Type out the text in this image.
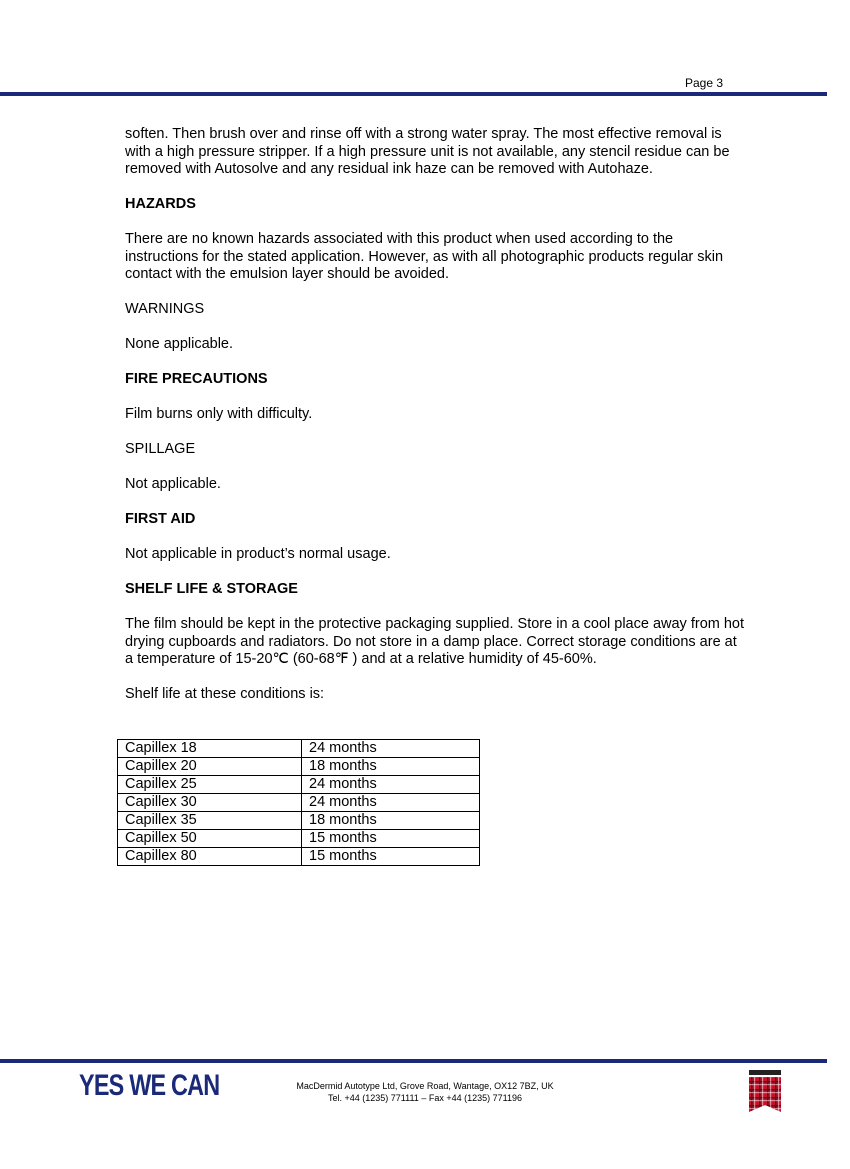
Page 3

soften. Then brush over and rinse off with a strong water spray. The most effective removal is with a high pressure stripper. If a high pressure unit is not available, any stencil residue can be removed with Autosolve and any residual ink haze can be removed with Autohaze.

HAZARDS

There are no known hazards associated with this product when used according to the instructions for the stated application. However, as with all photographic products regular skin contact with the emulsion layer should be avoided.

WARNINGS

None applicable.

FIRE PRECAUTIONS

Film burns only with difficulty.

SPILLAGE

Not applicable.

FIRST AID

Not applicable in product’s normal usage.

SHELF LIFE & STORAGE

The film should be kept in the protective packaging supplied. Store in a cool place away from hot drying cupboards and radiators. Do not store in a damp place. Correct storage conditions are at a temperature of 15-20℃ (60-68℉ ) and at a relative humidity of 45-60%.

Shelf life at these conditions is:

Capillex 18	24 months
Capillex 20	18 months
Capillex 25	24 months
Capillex 30	24 months
Capillex 35	18 months
Capillex 50	15 months
Capillex 80	15 months
YES WE CAN	MacDermid Autotype Ltd, Grove Road, Wantage, OX12 7BZ, UK
Tel. +44 (1235) 771111 – Fax +44 (1235) 771196
